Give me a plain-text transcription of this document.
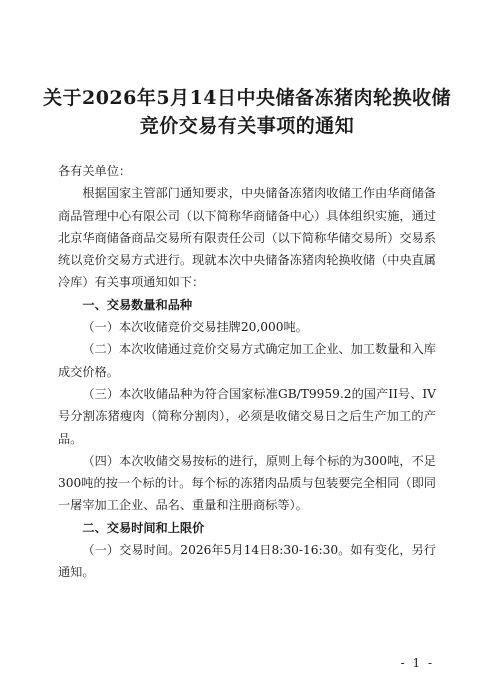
关于2026年5月14日中央储备冻猪肉轮换收储竞价交易有关事项的通知

各有关单位：

根据国家主管部门通知要求，中央储备冻猪肉收储工作由华商储备商品管理中心有限公司（以下简称华商储备中心）具体组织实施，通过北京华商储备商品交易所有限责任公司（以下简称华储交易所）交易系统以竞价交易方式进行。现就本次中央储备冻猪肉轮换收储（中央直属冷库）有关事项通知如下：

一、交易数量和品种

（一）本次收储竞价交易挂牌20,000吨。

（二）本次收储通过竞价交易方式确定加工企业、加工数量和入库成交价格。

（三）本次收储品种为符合国家标准GB/T9959.2的国产II号、IV号分割冻猪瘦肉（简称分割肉），必须是收储交易日之后生产加工的产品。

（四）本次收储交易按标的进行，原则上每个标的为300吨，不足300吨的按一个标的计。每个标的冻猪肉品质与包装要完全相同（即同一屠宰加工企业、品名、重量和注册商标等）。

二、交易时间和上限价

（一）交易时间。2026年5月14日8:30-16:30。如有变化，另行通知。

- 1 -
